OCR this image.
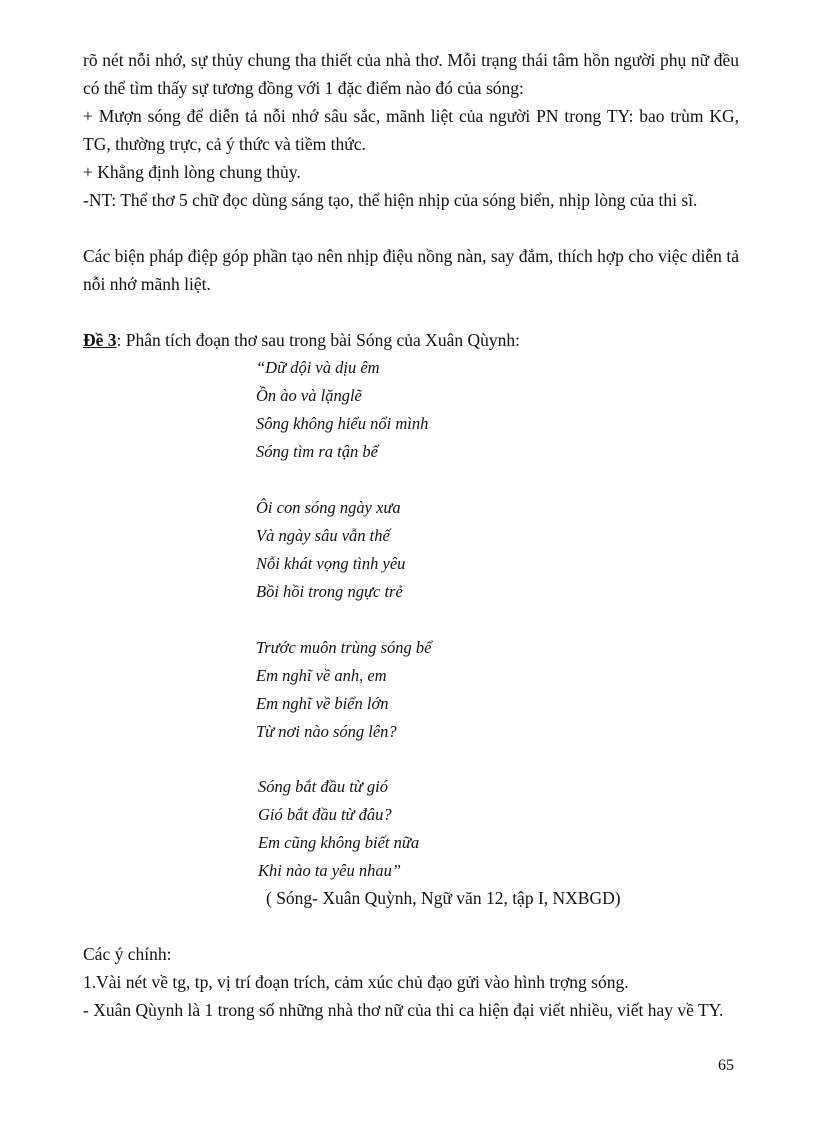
rõ nét nỗi nhớ, sự thủy chung tha thiết của nhà thơ. Mỗi trạng thái tâm hồn người phụ nữ đều có thể tìm thấy sự tương đồng với 1 đặc điểm nào đó của sóng:

+ Mượn sóng để diễn tả nỗi nhớ sâu sắc, mãnh liệt của người PN trong TY: bao trùm KG, TG, thường trực, cả ý thức và tiềm thức.

+ Khẳng định lòng chung thủy.

-NT: Thể thơ 5 chữ đọc dùng sáng tạo, thể hiện nhịp của sóng biển, nhịp lòng của thi sĩ.

Các biện pháp điệp góp phần tạo nên nhịp điệu nồng nàn, say đắm, thích hợp cho việc diễn tả nỗi nhớ mãnh liệt.

Đề 3: Phân tích đoạn thơ sau trong bài Sóng của Xuân Qùynh:

“Dữ dội và dịu êm
Ồn ào và lặnglẽ
Sông không hiểu nổi mình
Sóng tìm ra tận bể
Ôi con sóng ngày xưa
Và ngày sâu vẫn thế
Nỗi khát vọng tình yêu
Bồi hồi trong ngực trẻ
Trước muôn trùng sóng bể
Em nghĩ về anh, em
Em nghĩ về biển lớn
Từ nơi nào sóng lên?
Sóng bắt đầu từ gió
Gió bắt đầu từ đâu?
Em cũng không biết nữa
Khi nào ta yêu nhau”

( Sóng- Xuân Quỳnh, Ngữ văn 12, tập I, NXBGD)

Các ý chính:

1.Vài nét về tg, tp, vị trí đoạn trích, cảm xúc chủ đạo gửi vào hình trợng sóng.

- Xuân Qùynh là 1 trong số những nhà thơ nữ của thi ca hiện đại viết nhiều, viết hay về TY.

65
